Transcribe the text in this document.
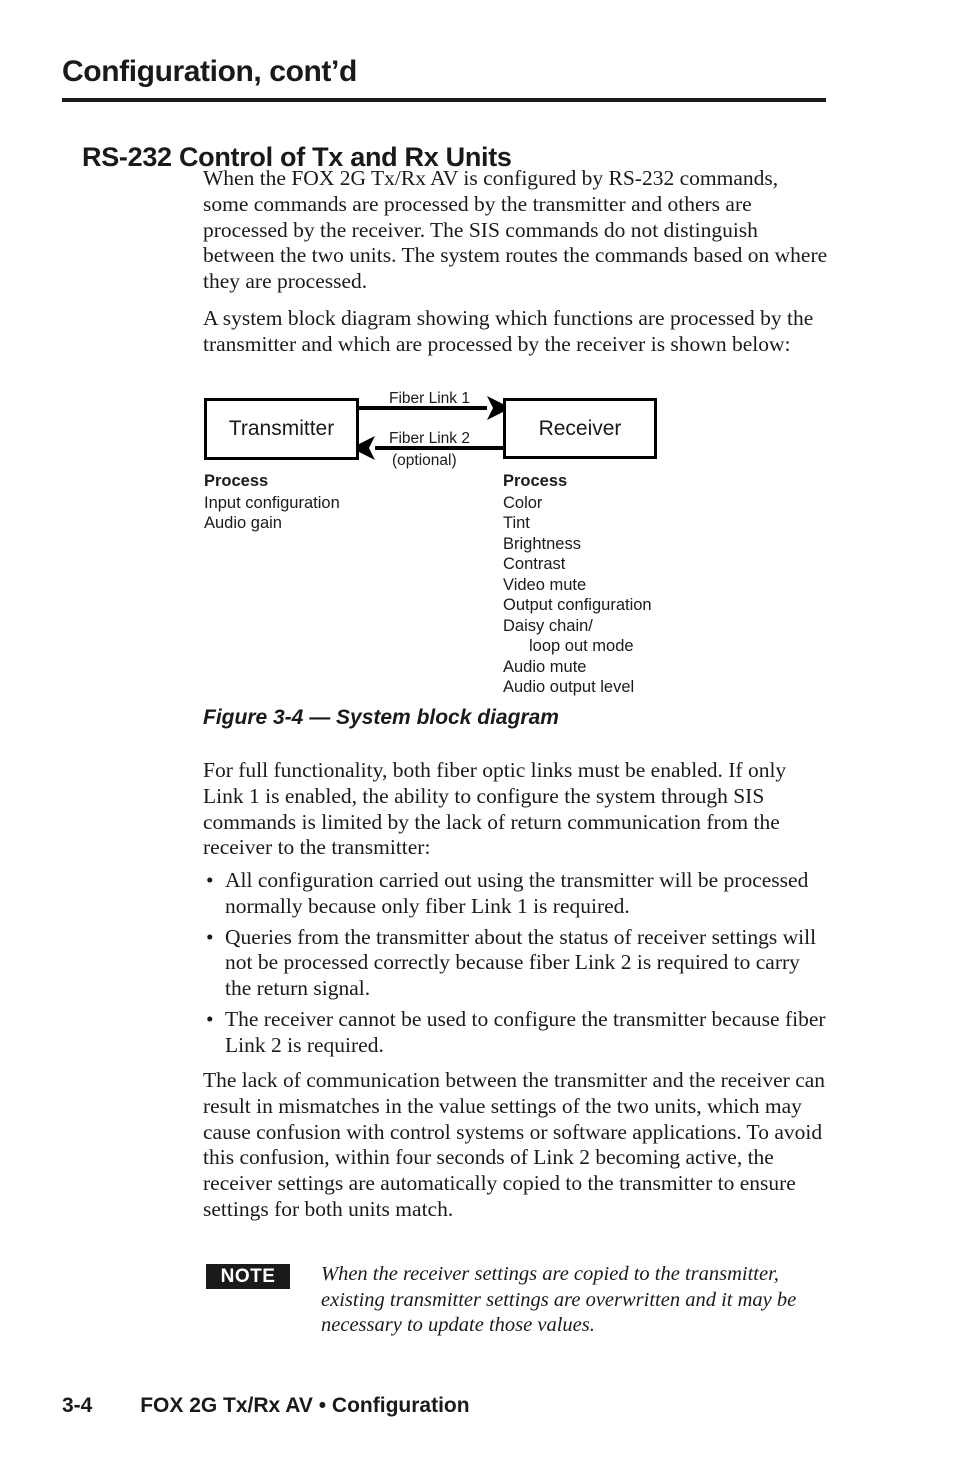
Configuration, cont’d
RS-232 Control of Tx and Rx Units

When the FOX 2G Tx/Rx AV is configured by RS-232 commands, some commands are processed by the transmitter and others are processed by the receiver. The SIS commands do not distinguish between the two units. The system routes the commands based on where they are processed.

A system block diagram showing which functions are processed by the transmitter and which are processed by the receiver is shown below:

Transmitter	Receiver
Fiber Link 1
Fiber Link 2
(optional)
Process
Input configuration
Audio gain
Process
Color
Tint
Brightness
Contrast
Video mute
Output configuration
Daisy chain/
loop out mode
Audio mute
Audio output level
Figure 3-4 — System block diagram

For full functionality, both fiber optic links must be enabled. If only Link 1 is enabled, the ability to configure the system through SIS commands is limited by the lack of return communication from the receiver to the transmitter:

• All configuration carried out using the transmitter will be processed normally because only fiber Link 1 is required.
• Queries from the transmitter about the status of receiver settings will not be processed correctly because fiber Link 2 is required to carry the return signal.
• The receiver cannot be used to configure the transmitter because fiber Link 2 is required.

The lack of communication between the transmitter and the receiver can result in mismatches in the value settings of the two units, which may cause confusion with control systems or software applications. To avoid this confusion, within four seconds of Link 2 becoming active, the receiver settings are automatically copied to the transmitter to ensure settings for both units match.

NOTE	When the receiver settings are copied to the transmitter, existing transmitter settings are overwritten and it may be necessary to update those values.
3-4 FOX 2G Tx/Rx AV • Configuration
